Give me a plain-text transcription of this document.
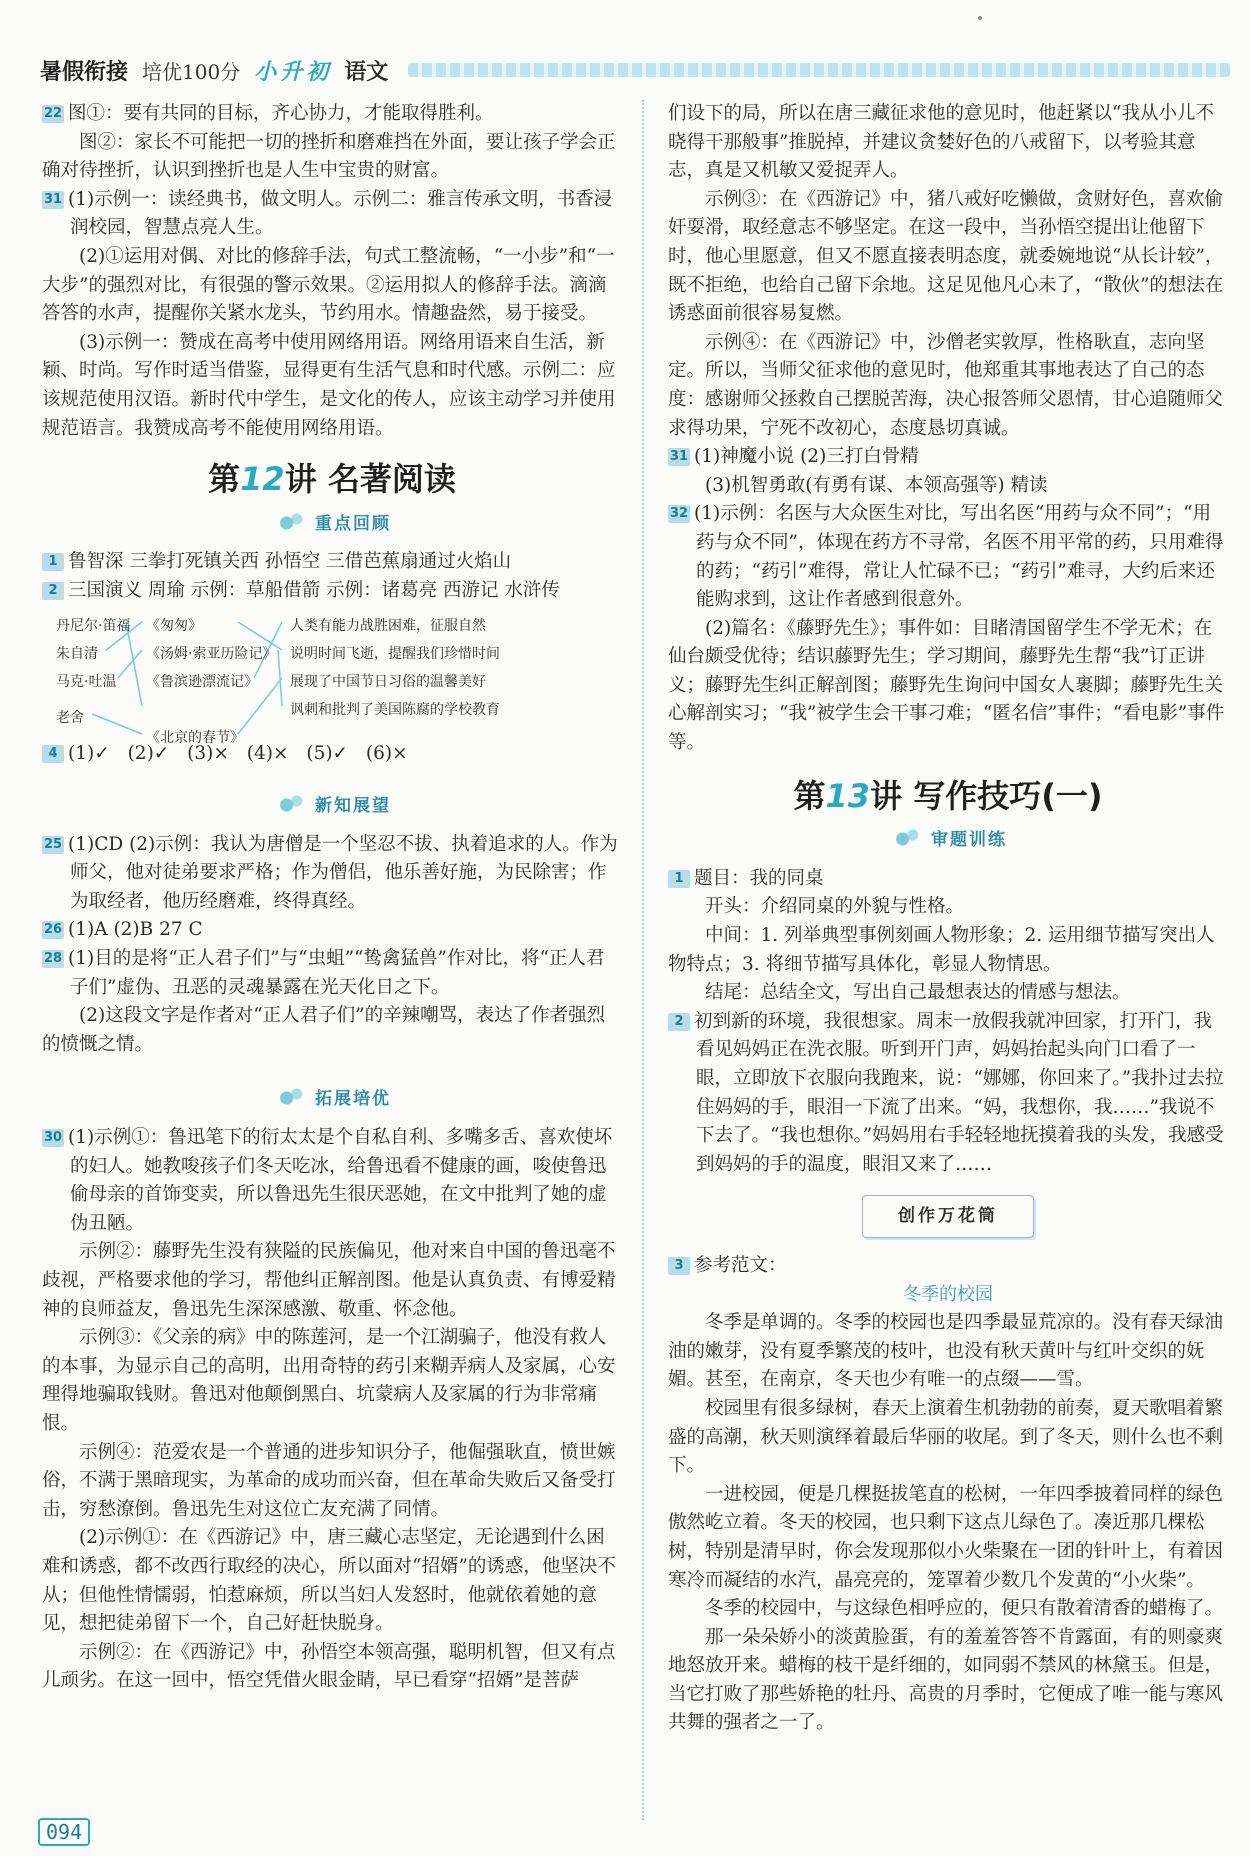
暑假衔接 培优100分 小升初 语文

22 图①：要有共同的目标，齐心协力，才能取得胜利。

图②：家长不可能把一切的挫折和磨难挡在外面，要让孩子学会正确对待挫折，认识到挫折也是人生中宝贵的财富。

31 (1)示例一：读经典书，做文明人。示例二：雅言传承文明，书香浸润校园，智慧点亮人生。

(2)①运用对偶、对比的修辞手法，句式工整流畅，“一小步”和“一大步”的强烈对比，有很强的警示效果。②运用拟人的修辞手法。滴滴答答的水声，提醒你关紧水龙头，节约用水。情趣盎然，易于接受。

(3)示例一：赞成在高考中使用网络用语。网络用语来自生活，新颖、时尚。写作时适当借鉴，显得更有生活气息和时代感。示例二：应该规范使用汉语。新时代中学生，是文化的传人，应该主动学习并使用规范语言。我赞成高考不能使用网络用语。

第12讲 名著阅读
重点回顾

1 鲁智深 三拳打死镇关西 孙悟空 三借芭蕉扇通过火焰山

2 三国演义 周瑜 示例：草船借箭 示例：诸葛亮 西游记 水浒传

丹尼尔·笛福
朱自清
马克·吐温
老舍
《匆匆》
《汤姆·索亚历险记》
《鲁滨逊漂流记》
《北京的春节》
人类有能力战胜困难，征服自然
说明时间飞逝，提醒我们珍惜时间
展现了中国节日习俗的温馨美好
讽刺和批判了美国陈腐的学校教育

4 (1)✓ (2)✓ (3)× (4)× (5)✓ (6)×

新知展望

25 (1)CD (2)示例：我认为唐僧是一个坚忍不拔、执着追求的人。作为师父，他对徒弟要求严格；作为僧侣，他乐善好施，为民除害；作为取经者，他历经磨难，终得真经。

26 (1)A (2)B 27 C

28 (1)目的是将“正人君子们”与“虫蛆”“鸷禽猛兽”作对比，将“正人君子们”虚伪、丑恶的灵魂暴露在光天化日之下。

(2)这段文字是作者对“正人君子们”的辛辣嘲骂，表达了作者强烈的愤慨之情。

拓展培优

30 (1)示例①：鲁迅笔下的衍太太是个自私自利、多嘴多舌、喜欢使坏的妇人。她教唆孩子们冬天吃冰，给鲁迅看不健康的画，唆使鲁迅偷母亲的首饰变卖，所以鲁迅先生很厌恶她，在文中批判了她的虚伪丑陋。

示例②：藤野先生没有狭隘的民族偏见，他对来自中国的鲁迅毫不歧视，严格要求他的学习，帮他纠正解剖图。他是认真负责、有博爱精神的良师益友，鲁迅先生深深感激、敬重、怀念他。

示例③：《父亲的病》中的陈莲河，是一个江湖骗子，他没有救人的本事，为显示自己的高明，出用奇特的药引来糊弄病人及家属，心安理得地骗取钱财。鲁迅对他颠倒黑白、坑蒙病人及家属的行为非常痛恨。

示例④：范爱农是一个普通的进步知识分子，他倔强耿直，愤世嫉俗，不满于黑暗现实，为革命的成功而兴奋，但在革命失败后又备受打击，穷愁潦倒。鲁迅先生对这位亡友充满了同情。

(2)示例①：在《西游记》中，唐三藏心志坚定，无论遇到什么困难和诱惑，都不改西行取经的决心，所以面对“招婿”的诱惑，他坚决不从；但他性情懦弱，怕惹麻烦，所以当妇人发怒时，他就依着她的意见，想把徒弟留下一个，自己好赶快脱身。

示例②：在《西游记》中，孙悟空本领高强，聪明机智，但又有点儿顽劣。在这一回中，悟空凭借火眼金睛，早已看穿“招婿”是菩萨

们设下的局，所以在唐三藏征求他的意见时，他赶紧以“我从小儿不晓得干那般事”推脱掉，并建议贪婪好色的八戒留下，以考验其意志，真是又机敏又爱捉弄人。

示例③：在《西游记》中，猪八戒好吃懒做，贪财好色，喜欢偷奸耍滑，取经意志不够坚定。在这一段中，当孙悟空提出让他留下时，他心里愿意，但又不愿直接表明态度，就委婉地说“从长计较”，既不拒绝，也给自己留下余地。这足见他凡心未了，“散伙”的想法在诱惑面前很容易复燃。

示例④：在《西游记》中，沙僧老实敦厚，性格耿直，志向坚定。所以，当师父征求他的意见时，他郑重其事地表达了自己的态度：感谢师父拯救自己摆脱苦海，决心报答师父恩情，甘心追随师父求得功果，宁死不改初心，态度恳切真诚。

31 (1)神魔小说 (2)三打白骨精

(3)机智勇敢(有勇有谋、本领高强等) 精读

32 (1)示例：名医与大众医生对比，写出名医“用药与众不同”；“用药与众不同”，体现在药方不寻常，名医不用平常的药，只用难得的药；“药引”难得，常让人忙碌不已；“药引”难寻，大约后来还能购求到，这让作者感到很意外。

(2)篇名：《藤野先生》；事件如：目睹清国留学生不学无术；在仙台颇受优待；结识藤野先生；学习期间，藤野先生帮“我”订正讲义；藤野先生纠正解剖图；藤野先生询问中国女人裹脚；藤野先生关心解剖实习；“我”被学生会干事刁难；“匿名信”事件；“看电影”事件等。

第13讲 写作技巧(一)
审题训练

1 题目：我的同桌

开头：介绍同桌的外貌与性格。

中间：1. 列举典型事例刻画人物形象；2. 运用细节描写突出人物特点；3. 将细节描写具体化，彰显人物情思。

结尾：总结全文，写出自己最想表达的情感与想法。

2 初到新的环境，我很想家。周末一放假我就冲回家，打开门，我看见妈妈正在洗衣服。听到开门声，妈妈抬起头向门口看了一眼，立即放下衣服向我跑来，说：“娜娜，你回来了。”我扑过去拉住妈妈的手，眼泪一下流了出来。“妈，我想你，我……”我说不下去了。“我也想你。”妈妈用右手轻轻地抚摸着我的头发，我感受到妈妈的手的温度，眼泪又来了……

创作万花筒

3 参考范文：

冬季的校园

冬季是单调的。冬季的校园也是四季最显荒凉的。没有春天绿油油的嫩芽，没有夏季繁茂的枝叶，也没有秋天黄叶与红叶交织的妩媚。甚至，在南京，冬天也少有唯一的点缀——雪。

校园里有很多绿树，春天上演着生机勃勃的前奏，夏天歌唱着繁盛的高潮，秋天则演绎着最后华丽的收尾。到了冬天，则什么也不剩下。

一进校园，便是几棵挺拔笔直的松树，一年四季披着同样的绿色傲然屹立着。冬天的校园，也只剩下这点儿绿色了。凑近那几棵松树，特别是清早时，你会发现那似小火柴聚在一团的针叶上，有着因寒冷而凝结的水汽，晶亮亮的，笼罩着少数几个发黄的“小火柴”。

冬季的校园中，与这绿色相呼应的，便只有散着清香的蜡梅了。

那一朵朵娇小的淡黄脸蛋，有的羞羞答答不肯露面，有的则豪爽地怒放开来。蜡梅的枝干是纤细的，如同弱不禁风的林黛玉。但是，当它打败了那些娇艳的牡丹、高贵的月季时，它便成了唯一能与寒风共舞的强者之一了。

094
